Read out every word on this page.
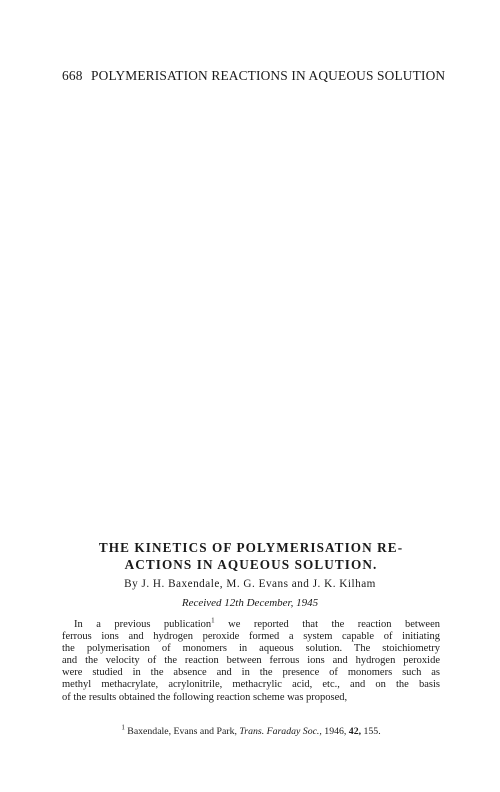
668 POLYMERISATION REACTIONS IN AQUEOUS SOLUTION
THE KINETICS OF POLYMERISATION RE-
ACTIONS IN AQUEOUS SOLUTION.
By J. H. Baxendale, M. G. Evans and J. K. Kilham
Received 12th December, 1945
In a previous publication$^1$ we reported that the reaction between
ferrous ions and hydrogen peroxide formed a system capable of initiating
the polymerisation of monomers in aqueous solution. The stoichiometry
and the velocity of the reaction between ferrous ions and hydrogen peroxide
were studied in the absence and in the presence of monomers such as
methyl methacrylate, acrylonitrile, methacrylic acid, etc., and on the basis
of the results obtained the following reaction scheme was proposed,
$^1$ Baxendale, Evans and Park, Trans. Faraday Soc., 1946, 42, 155.
